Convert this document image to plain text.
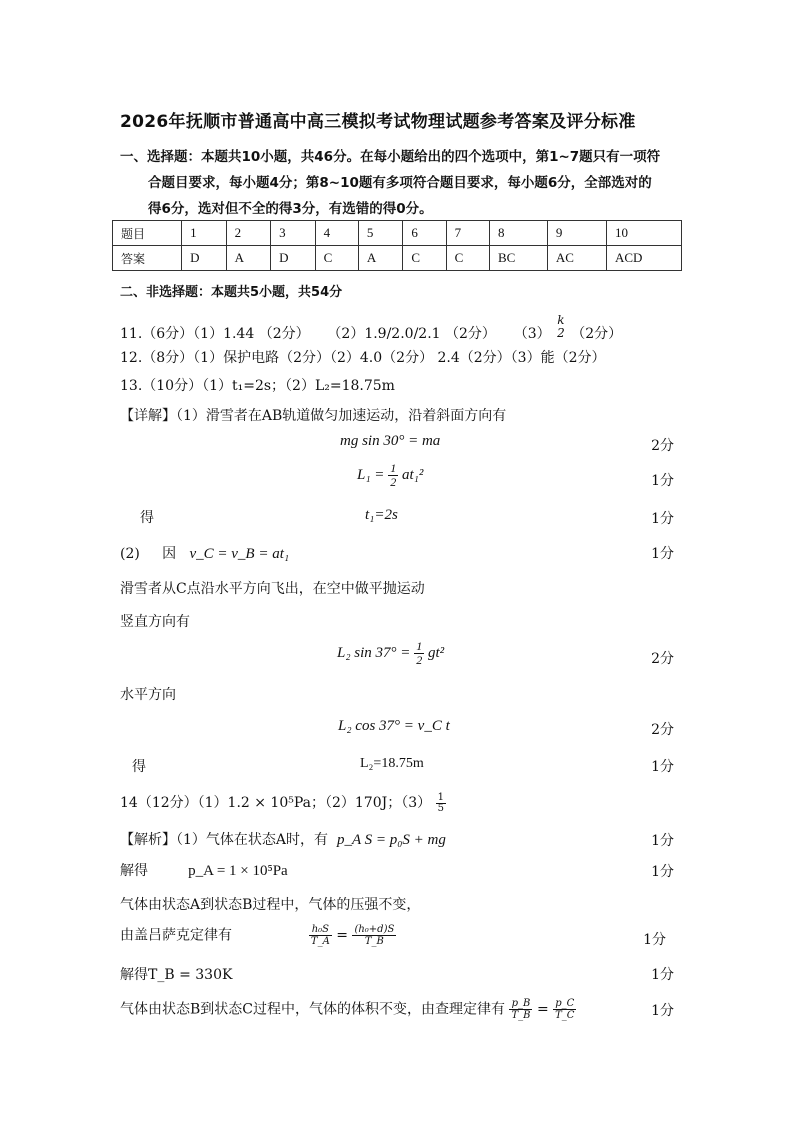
2026年抚顺市普通高中高三模拟考试物理试题参考答案及评分标准
一、选择题：本题共10小题，共46分。在每小题给出的四个选项中，第1~7题只有一项符
合题目要求，每小题4分；第8~10题有多项符合题目要求，每小题6分，全部选对的
得6分，选对但不全的得3分，有选错的得0分。
题目	1	2	3	4	5	6	7	8	9	10
答案	D	A	D	C	A	C	C	BC	AC	ACD
二、非选择题：本题共5小题，共54分
11.（6分）（1）1.44 （2分） （2）1.9/2.0/2.1 （2分） （3）
k
2 （2分）
12.（8分）（1）保护电路（2分）（2）4.0（2分） 2.4（2分）（3）能（2分）
13.（10分）（1）t₁=2s；（2）L₂=18.75m
【详解】（1）滑雪者在AB轨道做匀加速运动，沿着斜面方向有
mg sin 30° = ma	2分
$L_1 = \frac{1}{2} at_1^2$	1分
得	t₁=2s	1分
(2) 因 v_C = v_B = at₁	1分
滑雪者从C点沿水平方向飞出，在空中做平抛运动
竖直方向有
L₂ $\sin 37^\circ = \frac{1}{2} gt^2$	2分
水平方向
L₂ cos 37° = v_C t	2分
得	L₂=18.75m	1分
14（12分）（1）1.2 × 10⁵Pa；（2）170J；$(3) \frac{1}{5}$
【解析】（1）气体在状态A时，有 p_A S = p₀S + mg	1分
解得	p_A = 1 × 10⁵Pa	1分
气体由状态A到状态B过程中，气体的压强不变，
由盖吕萨克定律有	$\frac{\text{h₀S}}{T\_A} = \frac{\text{(h₀+d)S}}{T\_B}$	1分
解得T_B = 330K	1分
气体由状态B到状态C过程中，气体的体积不变，由查理定律有 $\frac{p\_B}{T\_B} = \frac{p\_C}{T\_C}$	1分
